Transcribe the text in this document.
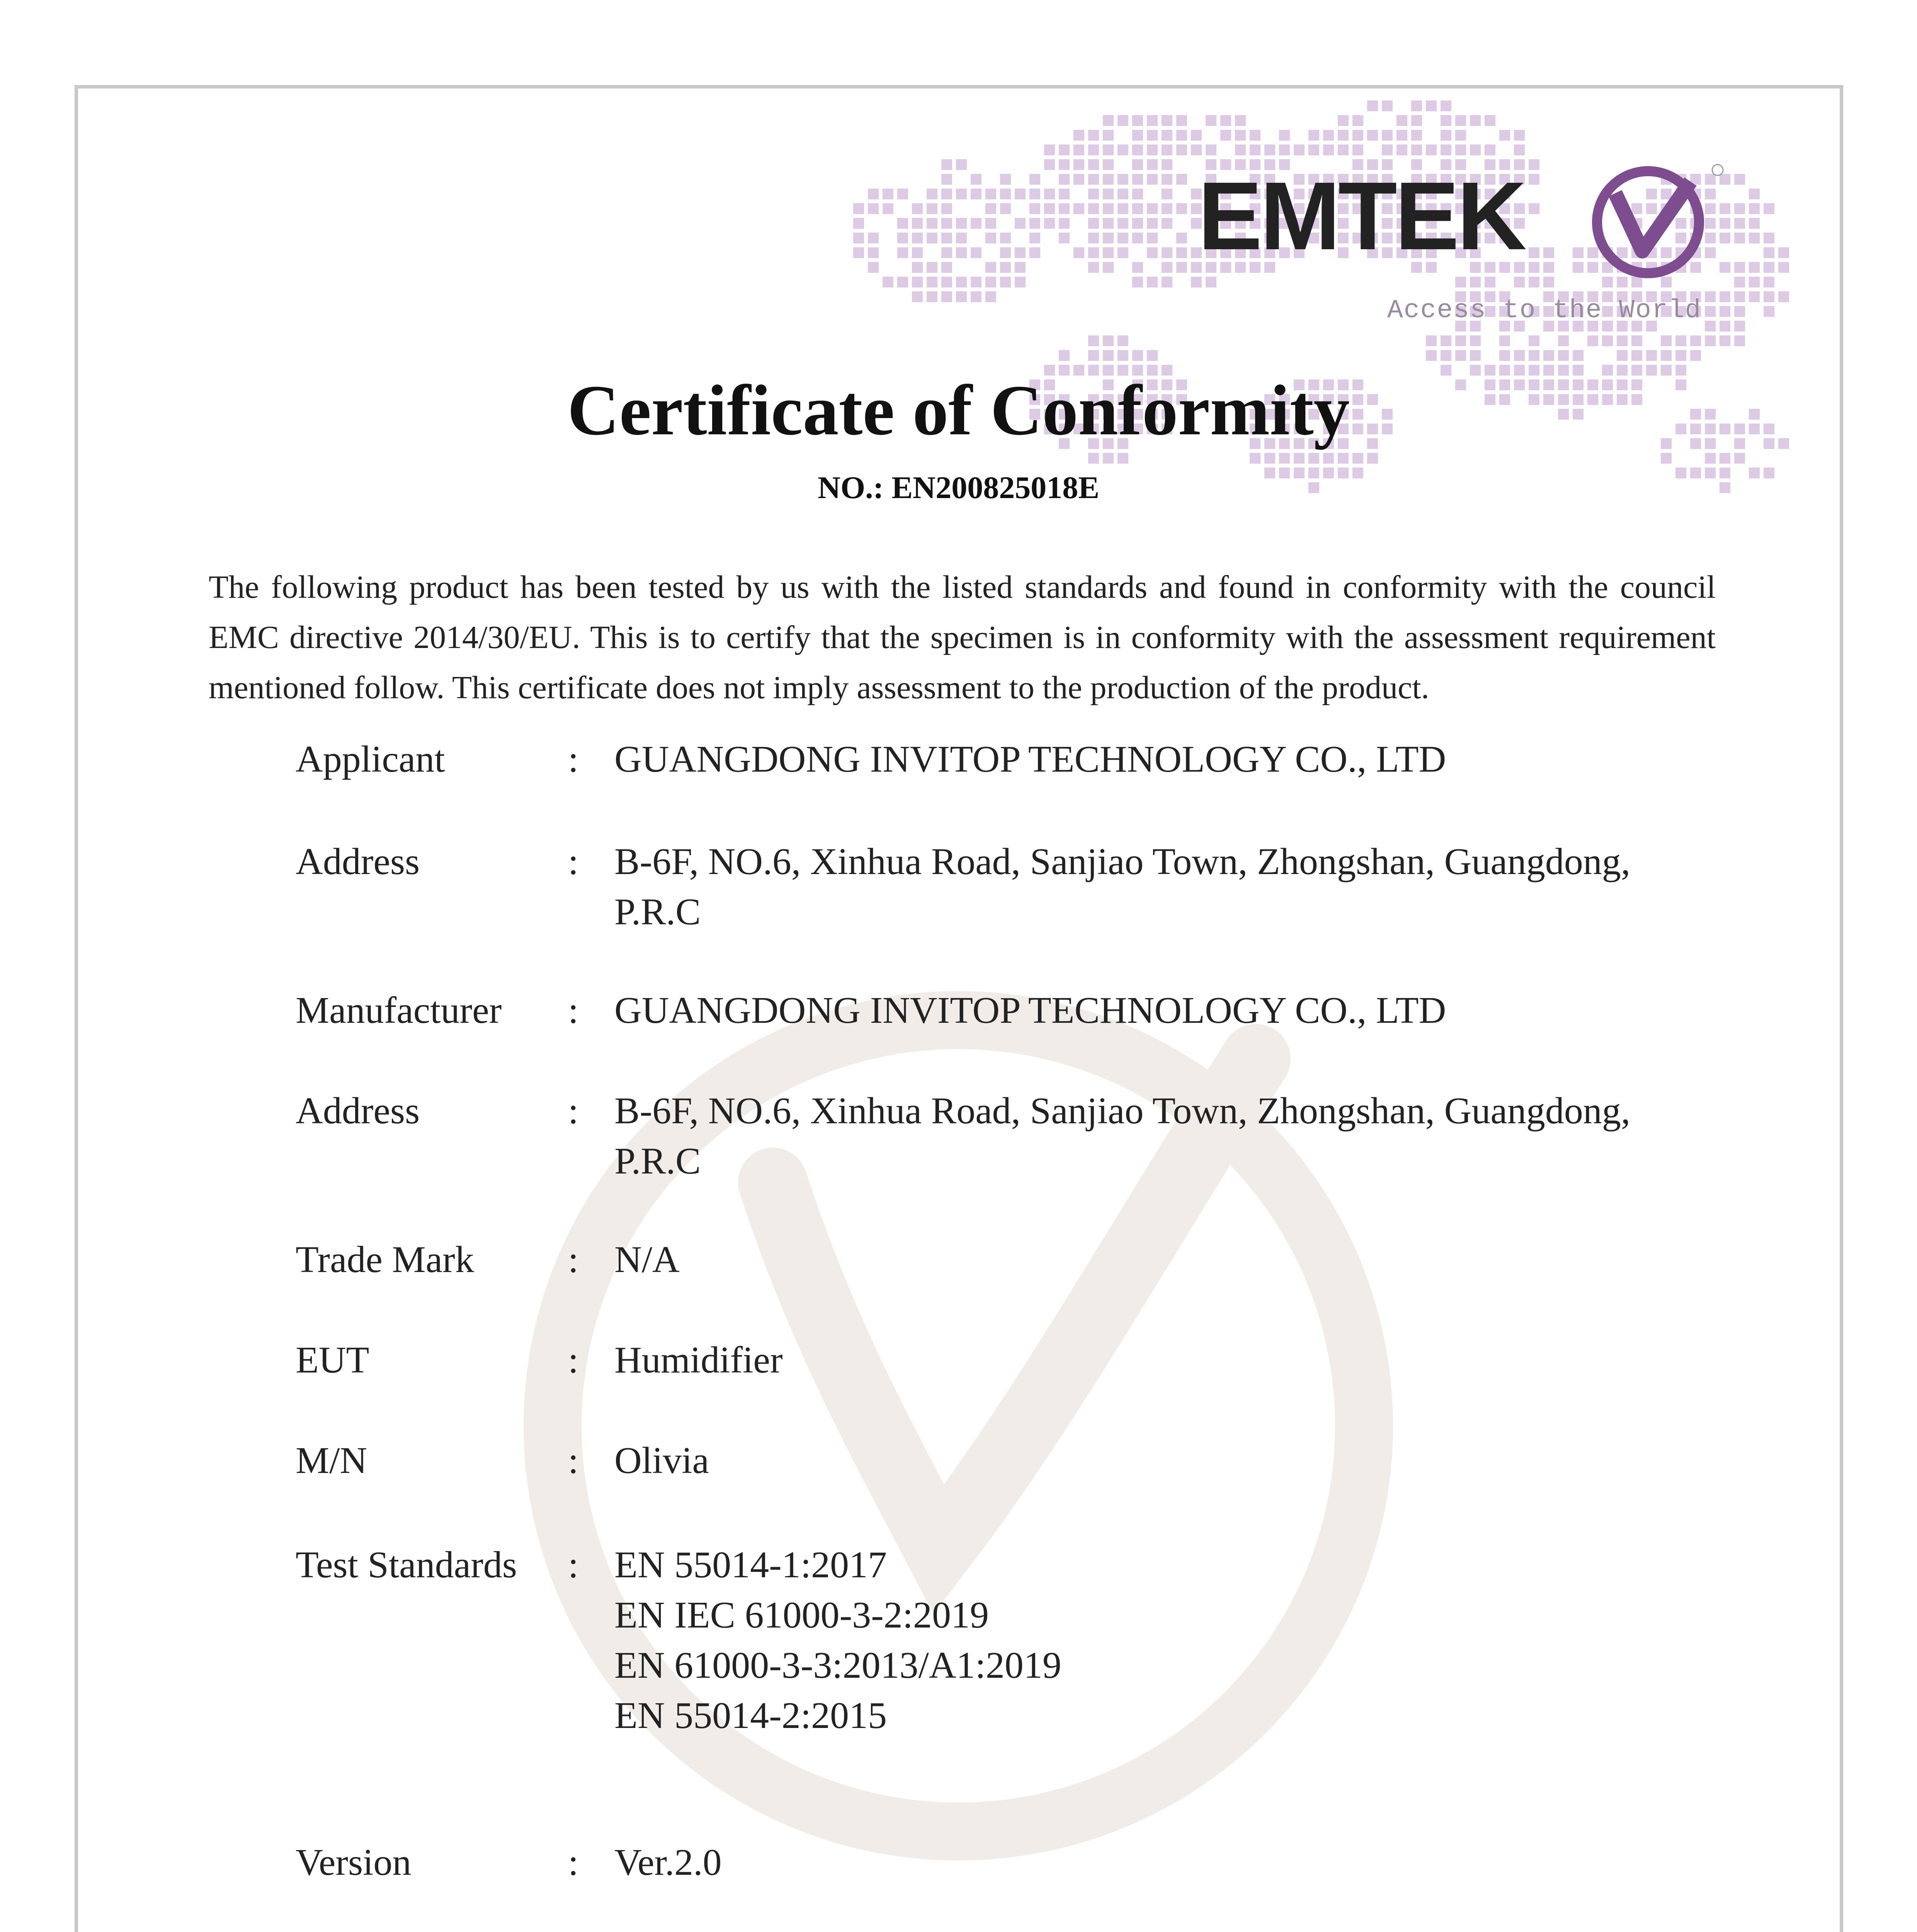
EMTEK
Access to the World
Certificate of Conformity
NO.: EN200825018E
The following product has been tested by us with the listed standards and found in conformity with the council EMC directive 2014/30/EU. This is to certify that the specimen is in conformity with the assessment requirement mentioned follow. This certificate does not imply assessment to the production of the product.
Applicant	: GUANGDONG INVITOP TECHNOLOGY CO., LTD
Address	: B-6F, NO.6, Xinhua Road, Sanjiao Town, Zhongshan, Guangdong,
P.R.C
Manufacturer : GUANGDONG INVITOP TECHNOLOGY CO., LTD
Address	: B-6F, NO.6, Xinhua Road, Sanjiao Town, Zhongshan, Guangdong,
P.R.C
Trade Mark : N/A
EUT	: Humidifier
M/N	: Olivia
Test Standards : EN 55014-1:2017
EN IEC 61000-3-2:2019
EN 61000-3-3:2013/A1:2019
EN 55014-2:2015
Version	: Ver.2.0
